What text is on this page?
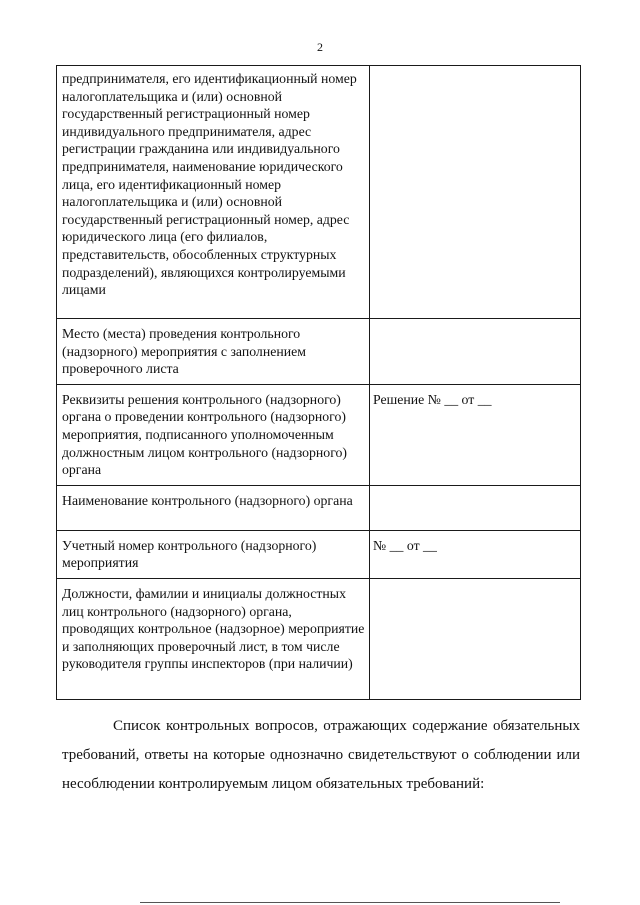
2
предпринимателя, его идентификационный номер налогоплательщика и (или) основной государственный регистрационный номер индивидуального предпринимателя, адрес регистрации гражданина или индивидуального предпринимателя, наименование юридического лица, его идентификационный номер налогоплательщика и (или) основной государственный регистрационный номер, адрес юридического лица (его филиалов, представительств, обособленных структурных подразделений), являющихся контролируемыми лицами	
Место (места) проведения контрольного (надзорного) мероприятия с заполнением проверочного листа	
Реквизиты решения контрольного (надзорного) органа о проведении контрольного (надзорного) мероприятия, подписанного уполномоченным должностным лицом контрольного (надзорного) органа	Решение № __ от __
Наименование контрольного (надзорного) органа	
Учетный номер контрольного (надзорного) мероприятия	№ __ от __
Должности, фамилии и инициалы должностных лиц контрольного (надзорного) органа, проводящих контрольное (надзорное) мероприятие и заполняющих проверочный лист, в том числе руководителя группы инспекторов (при наличии)	

Список контрольных вопросов, отражающих содержание обязательных требований, ответы на которые однозначно свидетельствуют о соблюдении или несоблюдении контролируемым лицом обязательных требований:
